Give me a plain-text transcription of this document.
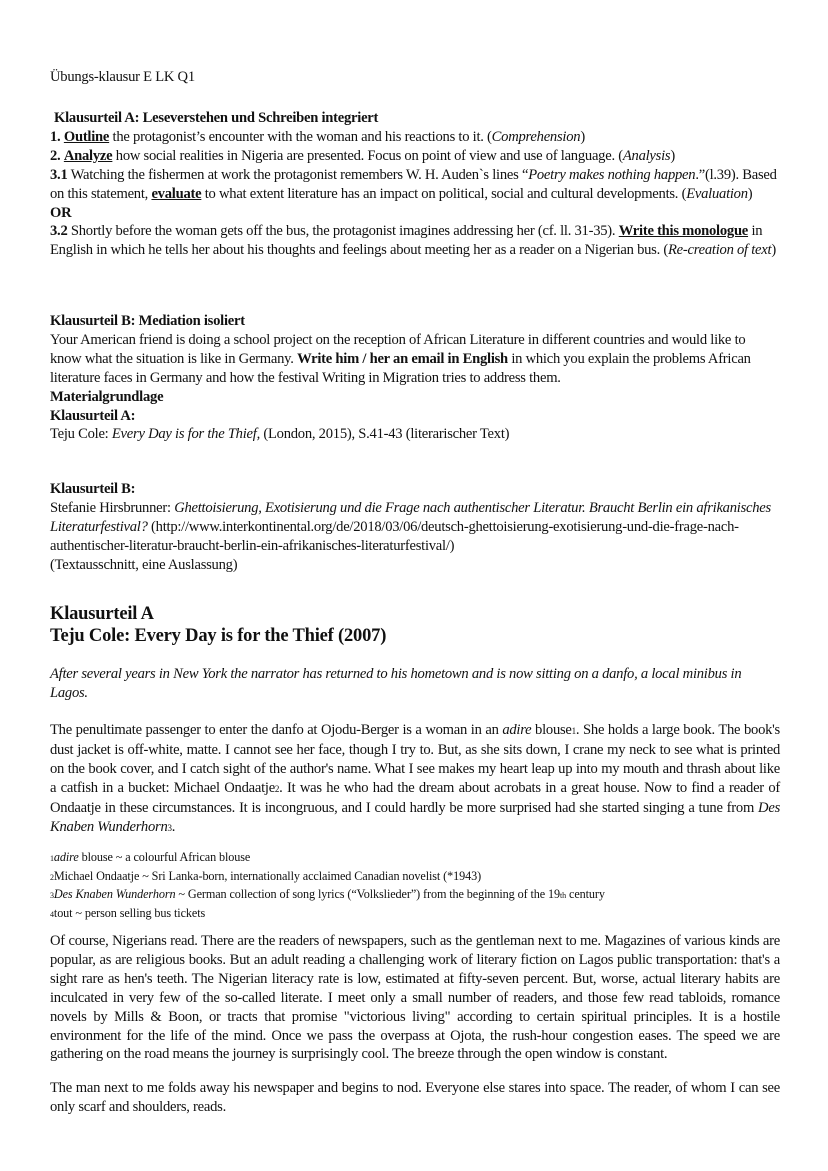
Übungs-klausur E LK Q1
Klausurteil A: Leseverstehen und Schreiben integriert
1. Outline the protagonist’s encounter with the woman and his reactions to it. (Comprehension)
2. Analyze how social realities in Nigeria are presented. Focus on point of view and use of language. (Analysis)
3.1 Watching the fishermen at work the protagonist remembers W. H. Auden`s lines “Poetry makes nothing happen.”(l.39). Based on this statement, evaluate to what extent literature has an impact on political, social and cultural developments. (Evaluation)
OR
3.2 Shortly before the woman gets off the bus, the protagonist imagines addressing her (cf. ll. 31-35). Write this monologue in English in which he tells her about his thoughts and feelings about meeting her as a reader on a Nigerian bus. (Re-creation of text)
Klausurteil B: Mediation isoliert
Your American friend is doing a school project on the reception of African Literature in different countries and would like to know what the situation is like in Germany. Write him / her an email in English in which you explain the problems African literature faces in Germany and how the festival Writing in Migration tries to address them.
Materialgrundlage
Klausurteil A:
Teju Cole: Every Day is for the Thief, (London, 2015), S.41-43 (literarischer Text)
Klausurteil B:
Stefanie Hirsbrunner: Ghettoisierung, Exotisierung und die Frage nach authentischer Literatur. Braucht Berlin ein afrikanisches Literaturfestival? (http://www.interkontinental.org/de/2018/03/06/deutsch-ghettoisierung-exotisierung-und-die-frage-nach-authentischer-literatur-braucht-berlin-ein-afrikanisches-literaturfestival/)
(Textausschnitt, eine Auslassung)
Klausurteil A
Teju Cole: Every Day is for the Thief (2007)
After several years in New York the narrator has returned to his hometown and is now sitting on a danfo, a local minibus in Lagos.
The penultimate passenger to enter the danfo at Ojodu-Berger is a woman in an adire blouse1. She holds a large book. The book's dust jacket is off-white, matte. I cannot see her face, though I try to. But, as she sits down, I crane my neck to see what is printed on the book cover, and I catch sight of the author's name. What I see makes my heart leap up into my mouth and thrash about like a catfish in a bucket: Michael Ondaatje2. It was he who had the dream about acrobats in a great house. Now to find a reader of Ondaatje in these circumstances. It is incongruous, and I could hardly be more surprised had she started singing a tune from Des Knaben Wunderhorn3.
1adire blouse ~ a colourful African blouse
2Michael Ondaatje ~ Sri Lanka-born, internationally acclaimed Canadian novelist (*1943)
3Des Knaben Wunderhorn ~ German collection of song lyrics (“Volkslieder”) from the beginning of the 19th century
4tout ~ person selling bus tickets
Of course, Nigerians read. There are the readers of newspapers, such as the gentleman next to me. Magazines of various kinds are popular, as are religious books. But an adult reading a challenging work of literary fiction on Lagos public transportation: that's a sight rare as hen's teeth. The Nigerian literacy rate is low, estimated at fifty-seven percent. But, worse, actual literary habits are inculcated in very few of the so-called literate. I meet only a small number of readers, and those few read tabloids, romance novels by Mills & Boon, or tracts that promise "victorious living" according to certain spiritual principles. It is a hostile environment for the life of the mind. Once we pass the overpass at Ojota, the rush-hour congestion eases. The speed we are gathering on the road means the journey is surprisingly cool. The breeze through the open window is constant.
The man next to me folds away his newspaper and begins to nod. Everyone else stares into space. The reader, of whom I can see only scarf and shoulders, reads.
